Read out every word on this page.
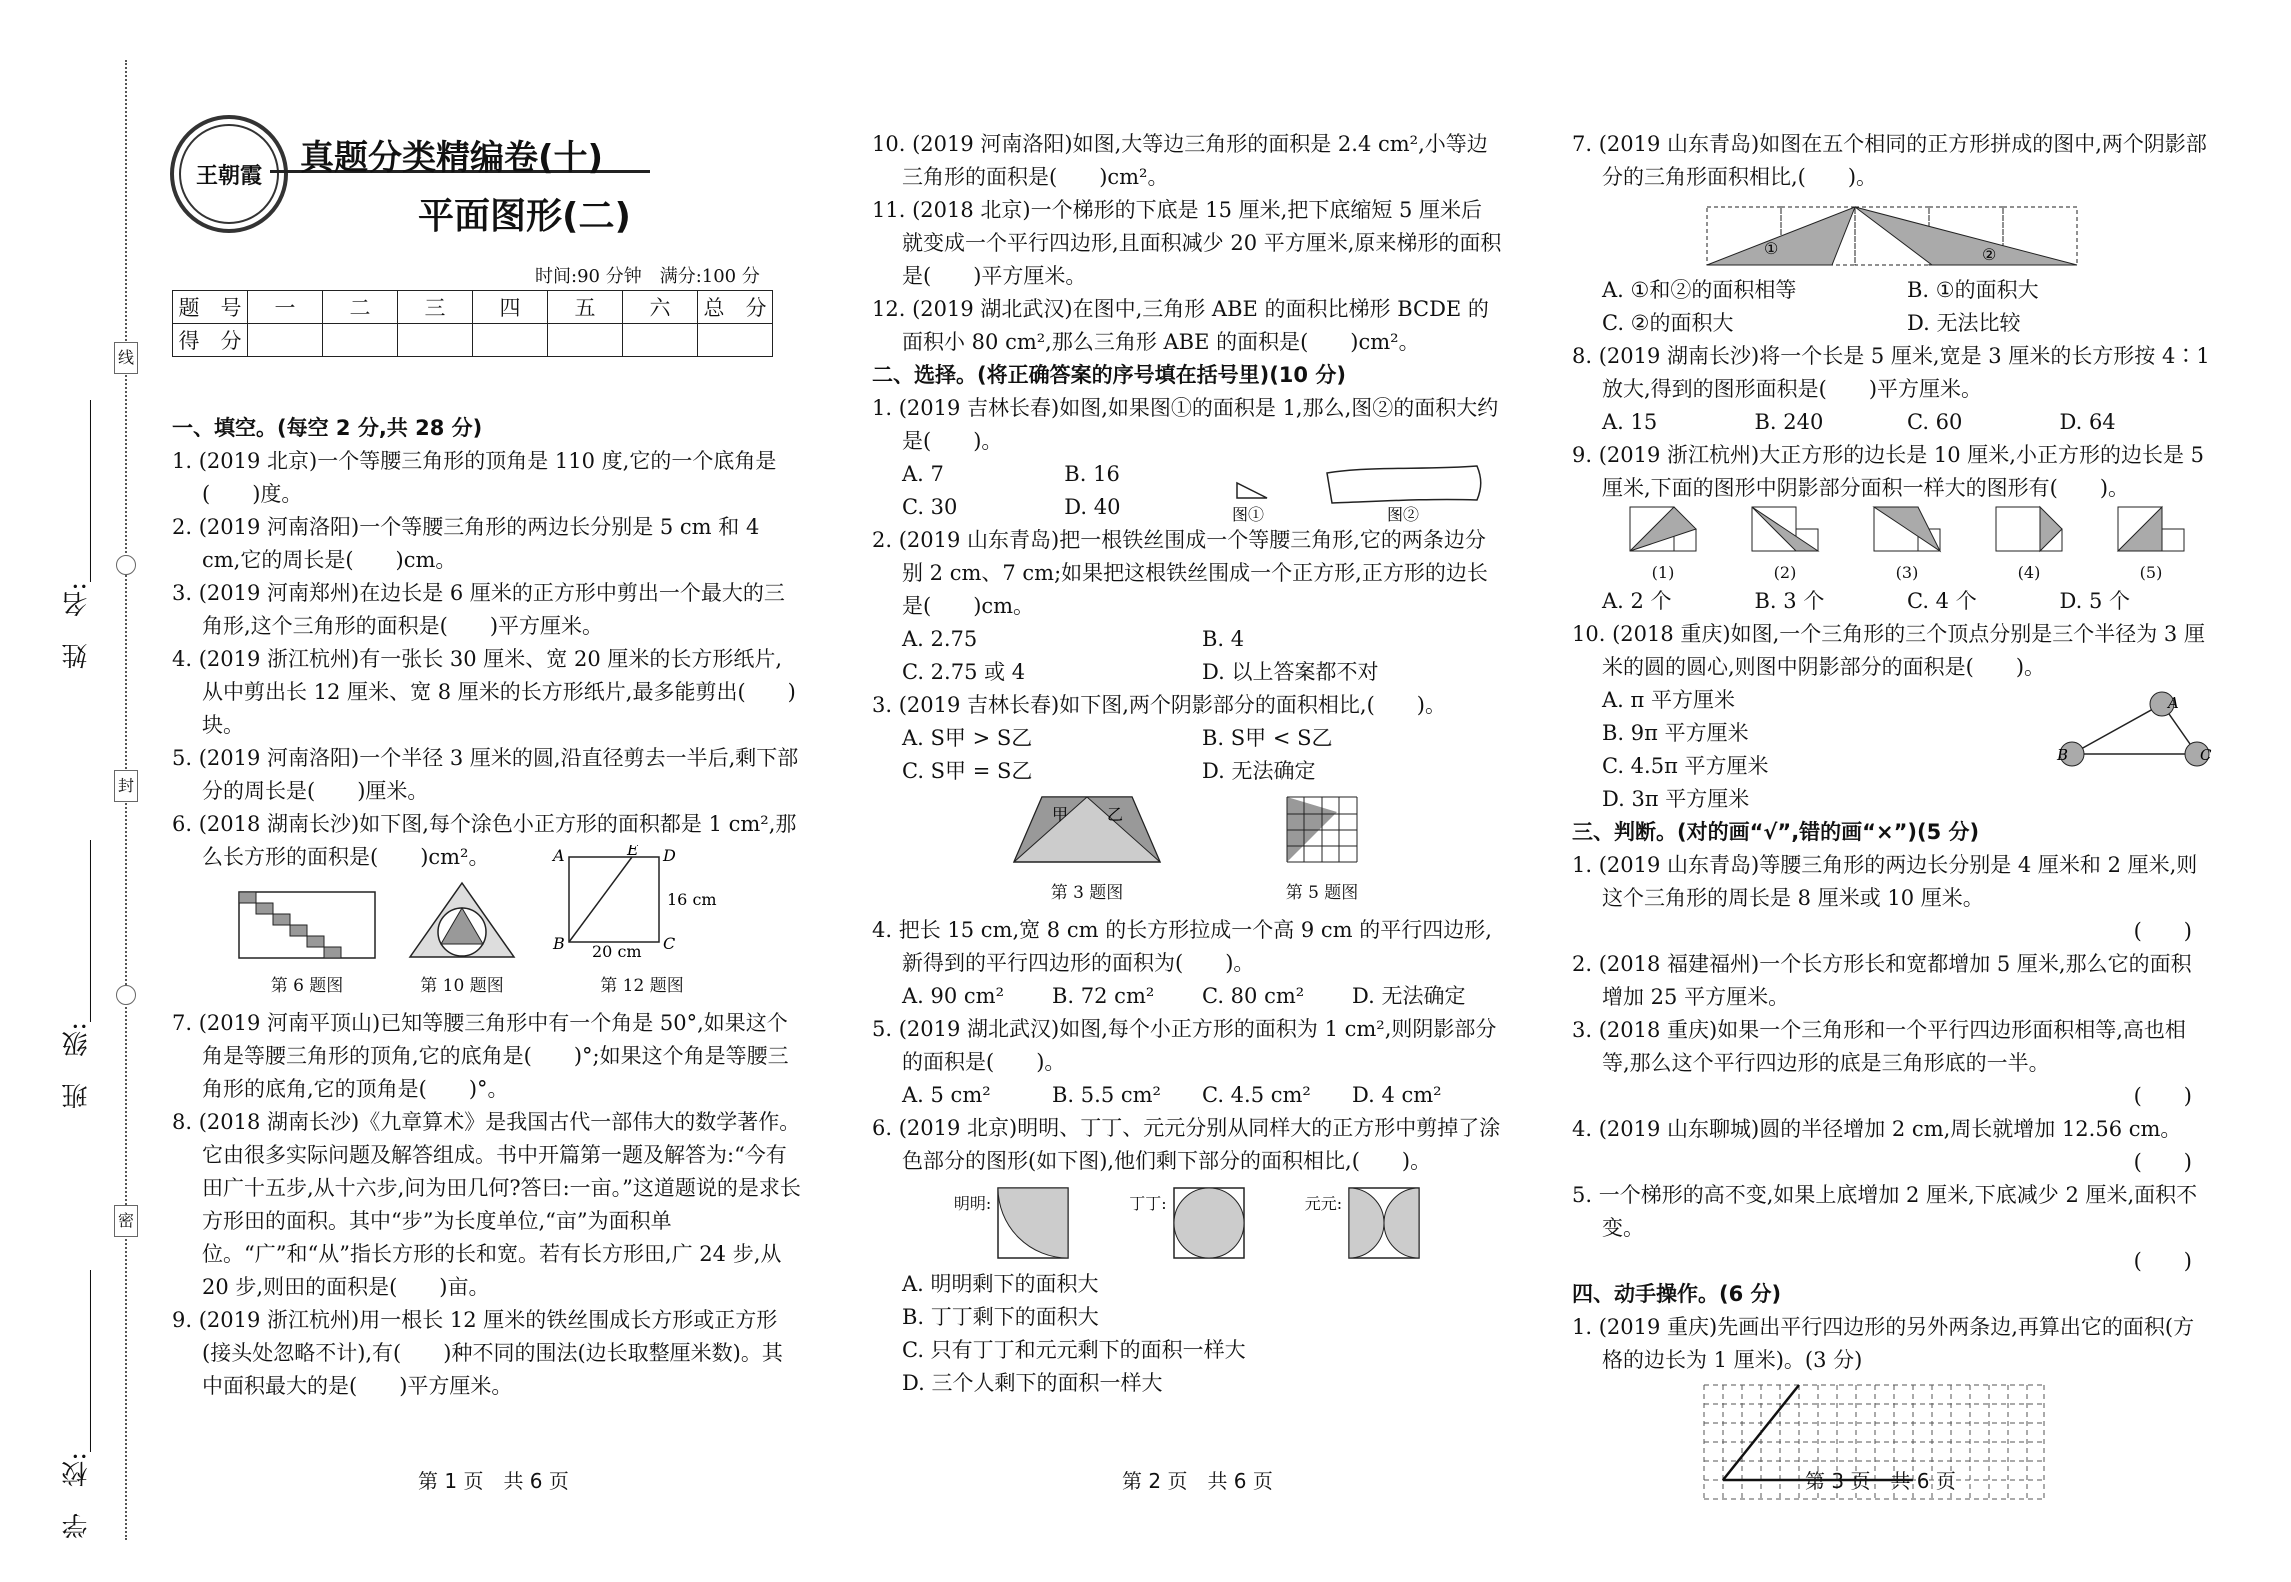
线
封
密
姓　名:______________
班　级:______________
学　校:______________
王朝霞	真题分类精编卷(十)
平面图形(二)
时间:90 分钟　满分:100 分
题　号	一	二	三	四	五	六	总　分
得　分							

一、填空。(每空 2 分,共 28 分)

1. (2019 北京)一个等腰三角形的顶角是 110 度,它的一个底角是(　　)度。

2. (2019 河南洛阳)一个等腰三角形的两边长分别是 5 cm 和 4 cm,它的周长是(　　)cm。

3. (2019 河南郑州)在边长是 6 厘米的正方形中剪出一个最大的三角形,这个三角形的面积是(　　)平方厘米。

4. (2019 浙江杭州)有一张长 30 厘米、宽 20 厘米的长方形纸片,从中剪出长 12 厘米、宽 8 厘米的长方形纸片,最多能剪出(　　)块。

5. (2019 河南洛阳)一个半径 3 厘米的圆,沿直径剪去一半后,剩下部分的周长是(　　)厘米。

6. (2018 湖南长沙)如下图,每个涂色小正方形的面积都是 1 cm²,那么长方形的面积是(　　)cm²。

第 6 题图	第 10 题图
A	E D
B	C
16 cm
20 cm
第 12 题图

7. (2019 河南平顶山)已知等腰三角形中有一个角是 50°,如果这个角是等腰三角形的顶角,它的底角是(　　)°;如果这个角是等腰三角形的底角,它的顶角是(　　)°。

8. (2018 湖南长沙)《九章算术》是我国古代一部伟大的数学著作。它由很多实际问题及解答组成。书中开篇第一题及解答为:“今有田广十五步,从十六步,问为田几何?答曰:一亩。”这道题说的是求长方形田的面积。其中“步”为长度单位,“亩”为面积单位。“广”和“从”指长方形的长和宽。若有长方形田,广 24 步,从 20 步,则田的面积是(　　)亩。

9. (2019 浙江杭州)用一根长 12 厘米的铁丝围成长方形或正方形(接头处忽略不计),有(　　)种不同的围法(边长取整厘米数)。其中面积最大的是(　　)平方厘米。

第 1 页　共 6 页

10. (2019 河南洛阳)如图,大等边三角形的面积是 2.4 cm²,小等边三角形的面积是(　　)cm²。

11. (2018 北京)一个梯形的下底是 15 厘米,把下底缩短 5 厘米后就变成一个平行四边形,且面积减少 20 平方厘米,原来梯形的面积是(　　)平方厘米。

12. (2019 湖北武汉)在图中,三角形 ABE 的面积比梯形 BCDE 的面积小 80 cm²,那么三角形 ABE 的面积是(　　)cm²。

二、选择。(将正确答案的序号填在括号里)(10 分)

1. (2019 吉林长春)如图,如果图①的面积是 1,那么,图②的面积大约是(　　)。

A. 7	B. 16
C. 30	D. 40	图①	图②

2. (2019 山东青岛)把一根铁丝围成一个等腰三角形,它的两条边分别 2 cm、7 cm;如果把这根铁丝围成一个正方形,正方形的边长是(　　)cm。

A. 2.75	B. 4
C. 2.75 或 4	D. 以上答案都不对

3. (2019 吉林长春)如下图,两个阴影部分的面积相比,(　　)。

A. S甲 > S乙	B. S甲 < S乙
C. S甲 = S乙	D. 无法确定
甲 乙
第 3 题图	第 5 题图

4. 把长 15 cm,宽 8 cm 的长方形拉成一个高 9 cm 的平行四边形,新得到的平行四边形的面积为(　　)。

A. 90 cm²	B. 72 cm²	C. 80 cm²	D. 无法确定

5. (2019 湖北武汉)如图,每个小正方形的面积为 1 cm²,则阴影部分的面积是(　　)。

A. 5 cm²	B. 5.5 cm²	C. 4.5 cm²	D. 4 cm²

6. (2019 北京)明明、丁丁、元元分别从同样大的正方形中剪掉了涂色部分的图形(如下图),他们剩下部分的面积相比,(　　)。

明明:	丁丁:	元元:
A. 明明剩下的面积大
B. 丁丁剩下的面积大
C. 只有丁丁和元元剩下的面积一样大
D. 三个人剩下的面积一样大
第 2 页　共 6 页

7. (2019 山东青岛)如图在五个相同的正方形拼成的图中,两个阴影部分的三角形面积相比,(　　)。

①	②
A. ①和②的面积相等	B. ①的面积大
C. ②的面积大	D. 无法比较

8. (2019 湖南长沙)将一个长是 5 厘米,宽是 3 厘米的长方形按 4∶1 放大,得到的图形面积是(　　)平方厘米。

A. 15	B. 240	C. 60	D. 64

9. (2019 浙江杭州)大正方形的边长是 10 厘米,小正方形的边长是 5 厘米,下面的图形中阴影部分面积一样大的图形有(　　)。

(1)	(2)	(3)	(4)	(5)
A. 2 个	B. 3 个	C. 4 个	D. 5 个

10. (2018 重庆)如图,一个三角形的三个顶点分别是三个半径为 3 厘米的圆的圆心,则图中阴影部分的面积是(　　)。

A. π 平方厘米
B. 9π 平方厘米
C. 4.5π 平方厘米
D. 3π 平方厘米
A
B	C

三、判断。(对的画“√”,错的画“×”)(5 分)

1. (2019 山东青岛)等腰三角形的两边长分别是 4 厘米和 2 厘米,则这个三角形的周长是 8 厘米或 10 厘米。

(　　)

2. (2018 福建福州)一个长方形长和宽都增加 5 厘米,那么它的面积增加 25 平方厘米。

3. (2018 重庆)如果一个三角形和一个平行四边形面积相等,高也相等,那么这个平行四边形的底是三角形底的一半。

(　　)

4. (2019 山东聊城)圆的半径增加 2 cm,周长就增加 12.56 cm。

(　　)

5. 一个梯形的高不变,如果上底增加 2 厘米,下底减少 2 厘米,面积不变。

(　　)

四、动手操作。(6 分)

1. (2019 重庆)先画出平行四边形的另外两条边,再算出它的面积(方格的边长为 1 厘米)。(3 分)

第 3 页　共 6 页
